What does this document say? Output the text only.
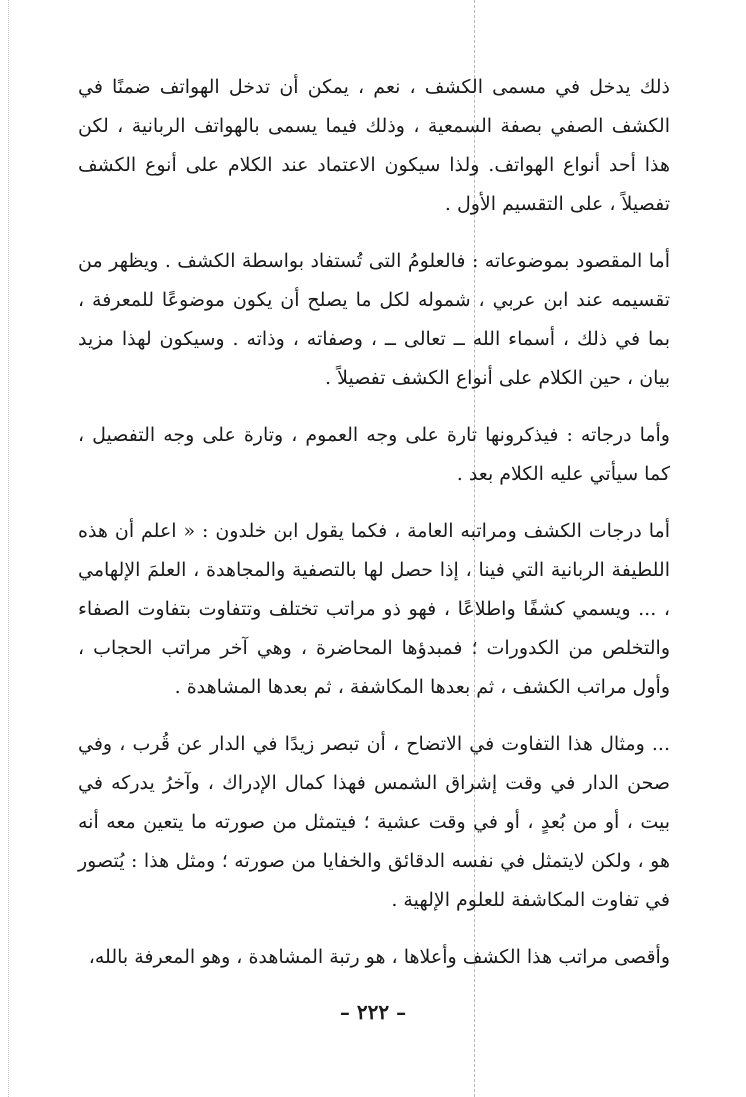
ذلك يدخل في مسمى الكشف ، نعم ، يمكن أن تدخل الهواتف ضمنًا في الكشف الصفي بصفة السمعية ، وذلك فيما يسمى بالهواتف الربانية ، لكن هذا أحد أنواع الهواتف. ولذا سيكون الاعتماد عند الكلام على أنوع الكشف تفصيلاً ، على التقسيم الأول .

أما المقصود بموضوعاته : فالعلومُ التى تُستفاد بواسطة الكشف . ويظهر من تقسيمه عند ابن عربي ، شموله لكل ما يصلح أن يكون موضوعًا للمعرفة ، بما في ذلك ، أسماء الله ــ تعالى ــ ، وصفاته ، وذاته . وسيكون لهذا مزيد بيان ، حين الكلام على أنواع الكشف تفصيلاً .

وأما درجاته : فيذكرونها تارة على وجه العموم ، وتارة على وجه التفصيل ، كما سيأتي عليه الكلام بعد .

أما درجات الكشف ومراتبه العامة ، فكما يقول ابن خلدون : « اعلم أن هذه اللطيفة الربانية التي فينا ، إذا حصل لها بالتصفية والمجاهدة ، العلمَ الإلهامي ، ... ويسمي كشفًا واطلاعًا ، فهو ذو مراتب تختلف وتتفاوت بتفاوت الصفاء والتخلص من الكدورات ؛ فمبدؤها المحاضرة ، وهي آخر مراتب الحجاب ، وأول مراتب الكشف ، ثم بعدها المكاشفة ، ثم بعدها المشاهدة .

... ومثال هذا التفاوت في الاتضاح ، أن تبصر زيدًا في الدار عن قُرب ، وفي صحن الدار في وقت إشراق الشمس فهذا كمال الإدراك ، وآخرُ يدركه في بيت ، أو من بُعدٍ ، أو في وقت عشية ؛ فيتمثل من صورته ما يتعين معه أنه هو ، ولكن لايتمثل في نفسه الدقائق والخفايا من صورته ؛ ومثل هذا : يُتصور في تفاوت المكاشفة للعلوم الإلهية .

وأقصى مراتب هذا الكشف وأعلاها ، هو رتبة المشاهدة ، وهو المعرفة بالله،

– ٢٢٢ –
